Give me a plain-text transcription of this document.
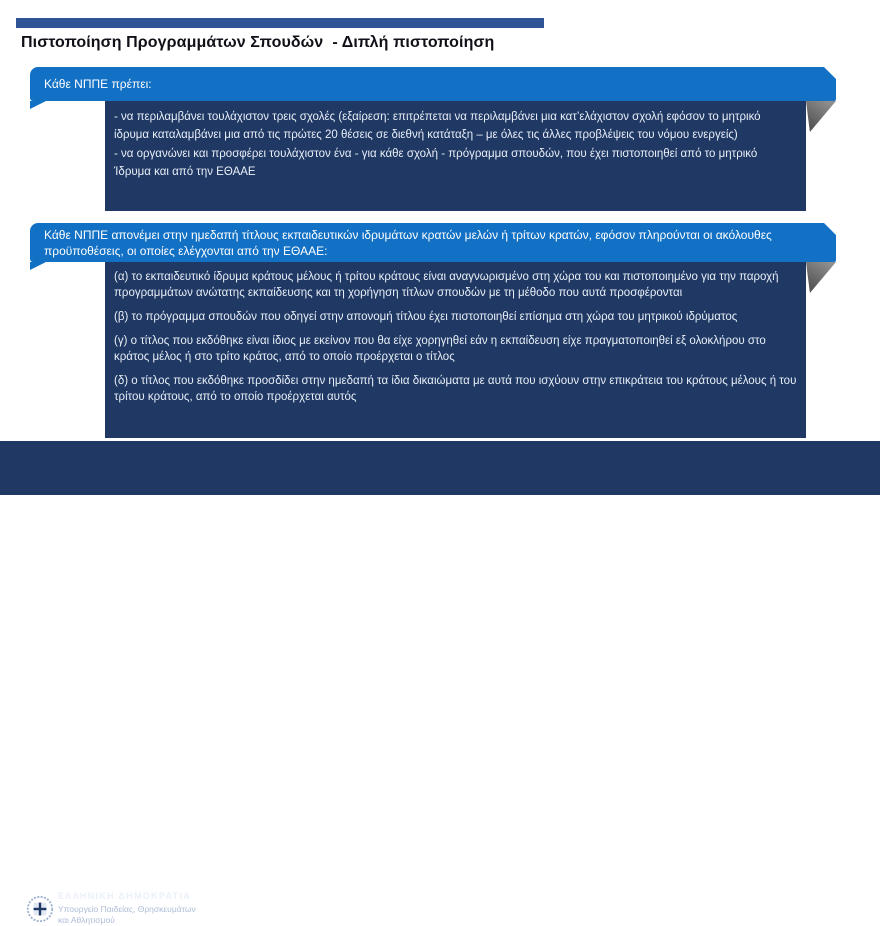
Πιστοποίηση Προγραμμάτων Σπουδών  - Διπλή πιστοποίηση
Κάθε ΝΠΠΕ πρέπει:

- να περιλαμβάνει τουλάχιστον τρεις σχολές (εξαίρεση: επιτρέπεται να περιλαμβάνει μια κατ’ελάχιστον σχολή εφόσον το μητρικό ίδρυμα καταλαμβάνει μια από τις πρώτες 20 θέσεις σε διεθνή κατάταξη – με όλες τις άλλες προβλέψεις του νόμου ενεργείς)

- να οργανώνει και προσφέρει τουλάχιστον ένα - για κάθε σχολή - πρόγραμμα σπουδών, που έχει πιστοποιηθεί από το μητρικό Ίδρυμα και από την ΕΘΑΑΕ

Κάθε ΝΠΠΕ απονέμει στην ημεδαπή τίτλους εκπαιδευτικών ιδρυμάτων κρατών μελών ή τρίτων κρατών, εφόσον πληρούνται οι ακόλουθες προϋποθέσεις, οι οποίες ελέγχονται από την ΕΘΑΑΕ:

(α) το εκπαιδευτικό ίδρυμα κράτους μέλους ή τρίτου κράτους είναι αναγνωρισμένο στη χώρα του και πιστοποιημένο για την παροχή προγραμμάτων ανώτατης εκπαίδευσης και τη χορήγηση τίτλων σπουδών με τη μέθοδο που αυτά προσφέρονται

(β) το πρόγραμμα σπουδών που οδηγεί στην απονομή τίτλου έχει πιστοποιηθεί επίσημα στη χώρα του μητρικού ιδρύματος

(γ) ο τίτλος που εκδόθηκε είναι ίδιος με εκείνον που θα είχε χορηγηθεί εάν η εκπαίδευση είχε πραγματοποιηθεί εξ ολοκλήρου στο κράτος μέλος ή στο τρίτο κράτος, από το οποίο προέρχεται ο τίτλος

(δ) ο τίτλος που εκδόθηκε προσδίδει στην ημεδαπή τα ίδια δικαιώματα με αυτά που ισχύουν στην επικράτεια του κράτους μέλους ή του τρίτου κράτους, από το οποίο προέρχεται αυτός

ΕΛΛΗΝΙΚΗ ΔΗΜΟΚΡΑΤΙΑ

Υπουργείο Παιδείας, Θρησκευμάτων

και Αθλητισμού
